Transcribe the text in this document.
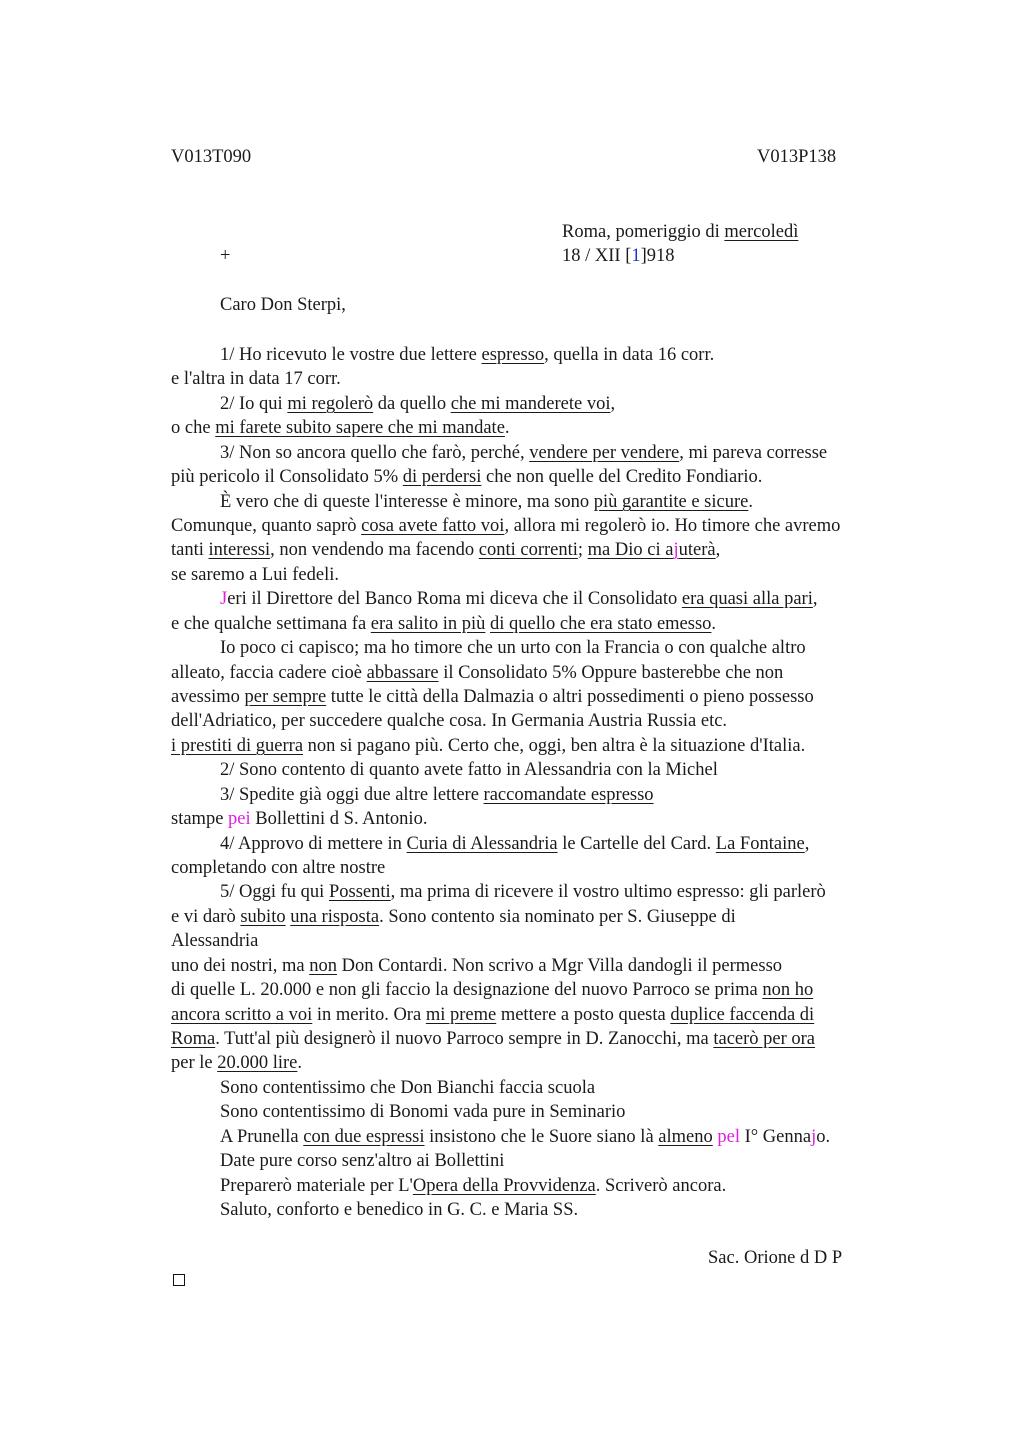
V013T090	V013P138
Roma, pomeriggio di mercoledì
+	18 / XII [1]918
Caro Don Sterpi,
1/ Ho ricevuto le vostre due lettere espresso, quella in data 16 corr.
e l'altra in data 17 corr.
2/ Io qui mi regolerò da quello che mi manderete voi,
o che mi farete subito sapere che mi mandate.
3/ Non so ancora quello che farò, perché, vendere per vendere, mi pareva corresse
più pericolo il Consolidato 5% di perdersi che non quelle del Credito Fondiario.
È vero che di queste l'interesse è minore, ma sono più garantite e sicure.
Comunque, quanto saprò cosa avete fatto voi, allora mi regolerò io. Ho timore che avremo
tanti interessi, non vendendo ma facendo conti correnti; ma Dio ci ajuterà,
se saremo a Lui fedeli.
Jeri il Direttore del Banco Roma mi diceva che il Consolidato era quasi alla pari,
e che qualche settimana fa era salito in più di quello che era stato emesso.
Io poco ci capisco; ma ho timore che un urto con la Francia o con qualche altro
alleato, faccia cadere cioè abbassare il Consolidato 5% Oppure basterebbe che non
avessimo per sempre tutte le città della Dalmazia o altri possedimenti o pieno possesso
dell'Adriatico, per succedere qualche cosa. In Germania Austria Russia etc.
i prestiti di guerra non si pagano più. Certo che, oggi, ben altra è la situazione d'Italia.
2/ Sono contento di quanto avete fatto in Alessandria con la Michel
3/ Spedite già oggi due altre lettere raccomandate espresso
stampe pei Bollettini d S. Antonio.
4/ Approvo di mettere in Curia di Alessandria le Cartelle del Card. La Fontaine,
completando con altre nostre
5/ Oggi fu qui Possenti, ma prima di ricevere il vostro ultimo espresso: gli parlerò
e vi darò subito una risposta. Sono contento sia nominato per S. Giuseppe di
Alessandria
uno dei nostri, ma non Don Contardi. Non scrivo a Mgr Villa dandogli il permesso
di quelle L. 20.000 e non gli faccio la designazione del nuovo Parroco se prima non ho
ancora scritto a voi in merito. Ora mi preme mettere a posto questa duplice faccenda di
Roma. Tutt'al più designerò il nuovo Parroco sempre in D. Zanocchi, ma tacerò per ora
per le 20.000 lire.
Sono contentissimo che Don Bianchi faccia scuola
Sono contentissimo di Bonomi vada pure in Seminario
A Prunella con due espressi insistono che le Suore siano là almeno pel I° Gennajo.
Date pure corso senz'altro ai Bollettini
Preparerò materiale per L'Opera della Provvidenza. Scriverò ancora.
Saluto, conforto e benedico in G. C. e Maria SS.
Sac. Orione d D P
